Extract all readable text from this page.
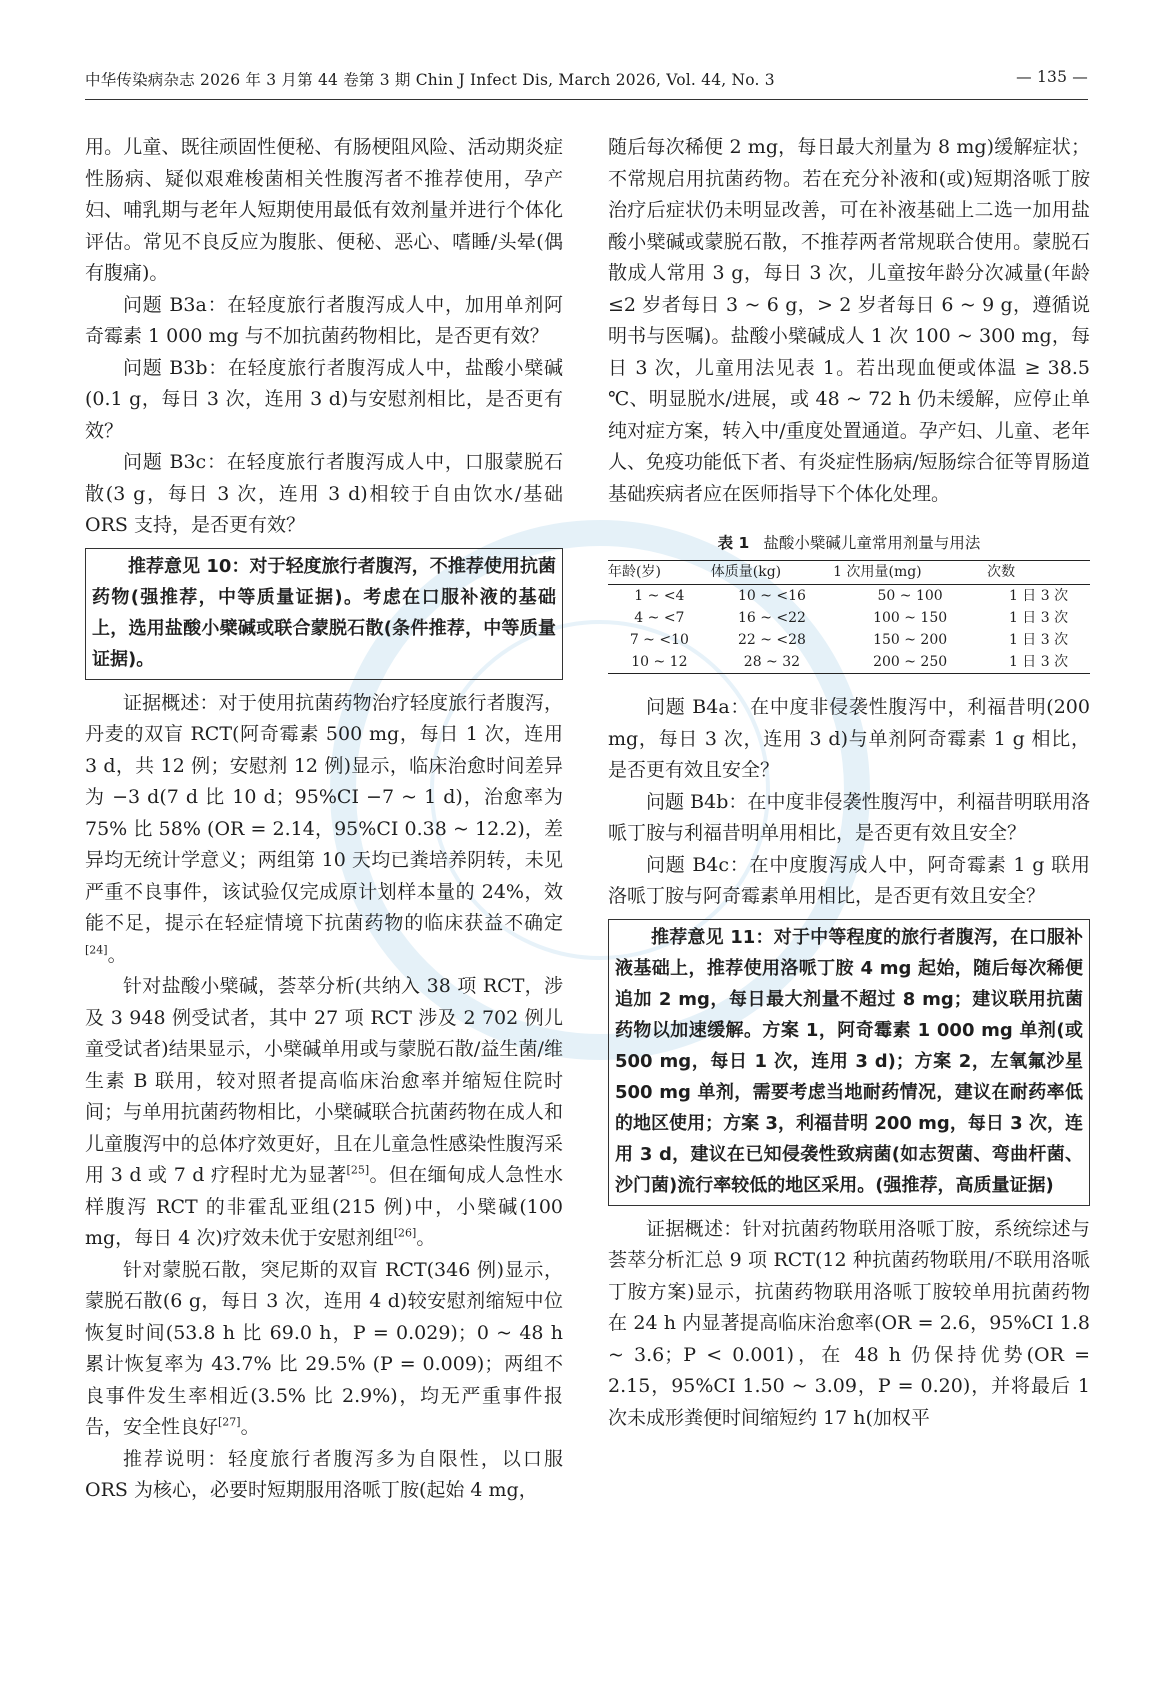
中华传染病杂志 2026 年 3 月第 44 卷第 3 期 Chin J Infect Dis, March 2026, Vol. 44, No. 3	— 135 —

用。儿童、既往顽固性便秘、有肠梗阻风险、活动期炎症性肠病、疑似艰难梭菌相关性腹泻者不推荐使用，孕产妇、哺乳期与老年人短期使用最低有效剂量并进行个体化评估。常见不良反应为腹胀、便秘、恶心、嗜睡/头晕(偶有腹痛)。

问题 B3a：在轻度旅行者腹泻成人中，加用单剂阿奇霉素 1 000 mg 与不加抗菌药物相比，是否更有效？

问题 B3b：在轻度旅行者腹泻成人中，盐酸小檗碱(0.1 g，每日 3 次，连用 3 d)与安慰剂相比，是否更有效？

问题 B3c：在轻度旅行者腹泻成人中，口服蒙脱石散(3 g，每日 3 次，连用 3 d)相较于自由饮水/基础 ORS 支持，是否更有效？

推荐意见 10：对于轻度旅行者腹泻，不推荐使用抗菌药物(强推荐，中等质量证据)。考虑在口服补液的基础上，选用盐酸小檗碱或联合蒙脱石散(条件推荐，中等质量证据)。

证据概述：对于使用抗菌药物治疗轻度旅行者腹泻，丹麦的双盲 RCT(阿奇霉素 500 mg，每日 1 次，连用 3 d，共 12 例；安慰剂 12 例)显示，临床治愈时间差异为 −3 d(7 d 比 10 d；95%CI −7 ~ 1 d)，治愈率为 75% 比 58% (OR = 2.14，95%CI 0.38 ~ 12.2)，差异均无统计学意义；两组第 10 天均已粪培养阴转，未见严重不良事件，该试验仅完成原计划样本量的 24%，效能不足，提示在轻症情境下抗菌药物的临床获益不确定[24]。

针对盐酸小檗碱，荟萃分析(共纳入 38 项 RCT，涉及 3 948 例受试者，其中 27 项 RCT 涉及 2 702 例儿童受试者)结果显示，小檗碱单用或与蒙脱石散/益生菌/维生素 B 联用，较对照者提高临床治愈率并缩短住院时间；与单用抗菌药物相比，小檗碱联合抗菌药物在成人和儿童腹泻中的总体疗效更好，且在儿童急性感染性腹泻采用 3 d 或 7 d 疗程时尤为显著[25]。但在缅甸成人急性水样腹泻 RCT 的非霍乱亚组(215 例)中，小檗碱(100 mg，每日 4 次)疗效未优于安慰剂组[26]。

针对蒙脱石散，突尼斯的双盲 RCT(346 例)显示，蒙脱石散(6 g，每日 3 次，连用 4 d)较安慰剂缩短中位恢复时间(53.8 h 比 69.0 h，P = 0.029)；0 ~ 48 h 累计恢复率为 43.7% 比 29.5% (P = 0.009)；两组不良事件发生率相近(3.5% 比 2.9%)，均无严重事件报告，安全性良好[27]。

推荐说明：轻度旅行者腹泻多为自限性，以口服 ORS 为核心，必要时短期服用洛哌丁胺(起始 4 mg，

随后每次稀便 2 mg，每日最大剂量为 8 mg)缓解症状；不常规启用抗菌药物。若在充分补液和(或)短期洛哌丁胺治疗后症状仍未明显改善，可在补液基础上二选一加用盐酸小檗碱或蒙脱石散，不推荐两者常规联合使用。蒙脱石散成人常用 3 g，每日 3 次，儿童按年龄分次减量(年龄≤2 岁者每日 3 ~ 6 g，> 2 岁者每日 6 ~ 9 g，遵循说明书与医嘱)。盐酸小檗碱成人 1 次 100 ~ 300 mg，每日 3 次，儿童用法见表 1。若出现血便或体温 ≥ 38.5 ℃、明显脱水/进展，或 48 ~ 72 h 仍未缓解，应停止单纯对症方案，转入中/重度处置通道。孕产妇、儿童、老年人、免疫功能低下者、有炎症性肠病/短肠综合征等胃肠道基础疾病者应在医师指导下个体化处理。

表 1 盐酸小檗碱儿童常用剂量与用法
年龄(岁)	体质量(kg)	1 次用量(mg)	次数
1 ~ <4	10 ~ <16	50 ~ 100	1 日 3 次
4 ~ <7	16 ~ <22	100 ~ 150	1 日 3 次
7 ~ <10	22 ~ <28	150 ~ 200	1 日 3 次
10 ~ 12	28 ~ 32	200 ~ 250	1 日 3 次

问题 B4a：在中度非侵袭性腹泻中，利福昔明(200 mg，每日 3 次，连用 3 d)与单剂阿奇霉素 1 g 相比，是否更有效且安全？

问题 B4b：在中度非侵袭性腹泻中，利福昔明联用洛哌丁胺与利福昔明单用相比，是否更有效且安全？

问题 B4c：在中度腹泻成人中，阿奇霉素 1 g 联用洛哌丁胺与阿奇霉素单用相比，是否更有效且安全？

推荐意见 11：对于中等程度的旅行者腹泻，在口服补液基础上，推荐使用洛哌丁胺 4 mg 起始，随后每次稀便追加 2 mg，每日最大剂量不超过 8 mg；建议联用抗菌药物以加速缓解。方案 1，阿奇霉素 1 000 mg 单剂(或 500 mg，每日 1 次，连用 3 d)；方案 2，左氧氟沙星 500 mg 单剂，需要考虑当地耐药情况，建议在耐药率低的地区使用；方案 3，利福昔明 200 mg，每日 3 次，连用 3 d，建议在已知侵袭性致病菌(如志贺菌、弯曲杆菌、沙门菌)流行率较低的地区采用。(强推荐，高质量证据)

证据概述：针对抗菌药物联用洛哌丁胺，系统综述与荟萃分析汇总 9 项 RCT(12 种抗菌药物联用/不联用洛哌丁胺方案)显示，抗菌药物联用洛哌丁胺较单用抗菌药物在 24 h 内显著提高临床治愈率(OR = 2.6，95%CI 1.8 ~ 3.6；P < 0.001)，在 48 h 仍保持优势(OR = 2.15，95%CI 1.50 ~ 3.09，P = 0.20)，并将最后 1 次未成形粪便时间缩短约 17 h(加权平
